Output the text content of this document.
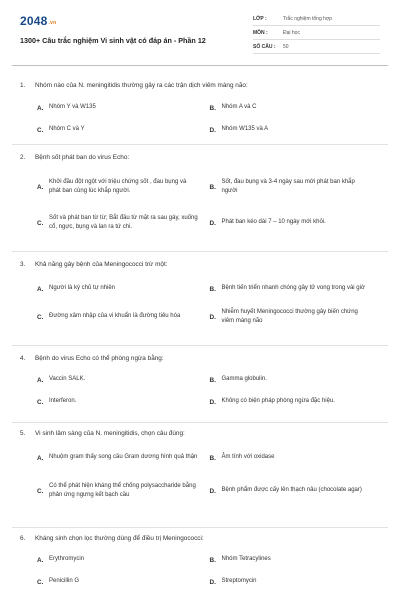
2048.vn
1300+ Câu trắc nghiệm Vi sinh vật có đáp án - Phần 12
LỚP :	Trắc nghiệm tổng hợp
MÔN :	Đại học
SỐ CÂU :	50
1.	Nhóm nào của N. meningitidis thường gây ra các trận dịch viêm màng não:
A. Nhóm Y và W135	B. Nhóm A và C
C. Nhóm C và Y	D. Nhóm W135 và A
2.	Bệnh sốt phát ban do virus Echo:
A.
Khởi đầu đột ngột với triệu chứng sốt , đau bụng và phát ban cùng lúc khắp người.
B.
Sốt, đau bụng và 3-4 ngày sau mới phát ban khắp người
C.
Sốt và phát ban từ từ; Bắt đầu từ mặt ra sau gáy, xuống cổ, ngực, bụng và lan ra tứ chi.
D. Phát ban kéo dài 7 – 10 ngày mới khỏi.
3.	Khả năng gây bệnh của Meningococci trừ một:
A. Người là ký chủ tự nhiên	B. Bệnh tiến triển nhanh chóng gây tử vong trong vài giờ
C. Đường xâm nhập của vi khuẩn là đường tiêu hóa	D.
Nhiễm huyết Meningococci thường gây biến chứng viêm màng não
4.	Bệnh do virus Echo có thể phòng ngừa bằng:
A. Vaccin SALK.	B. Gamma globulin.
C. Interferon.	D. Không có biện pháp phòng ngừa đặc hiệu.
5.	Vi sinh lâm sàng của N. meningitidis, chọn câu đúng:
A. Nhuộm gram thấy song cầu Gram dương hình quả thận B. Âm tính với oxidase
C.
Có thể phát hiện kháng thể chống polysaccharide bằng phản ứng ngưng kết bạch cầu
D. Bệnh phẩm được cấy lên thạch nâu (chocolate agar)
6.	Kháng sinh chọn lọc thường dùng để điều trị Meningococci:
A. Erythromycin	B. Nhóm Tetracylines
C. Penicillin G	D. Streptomycin
